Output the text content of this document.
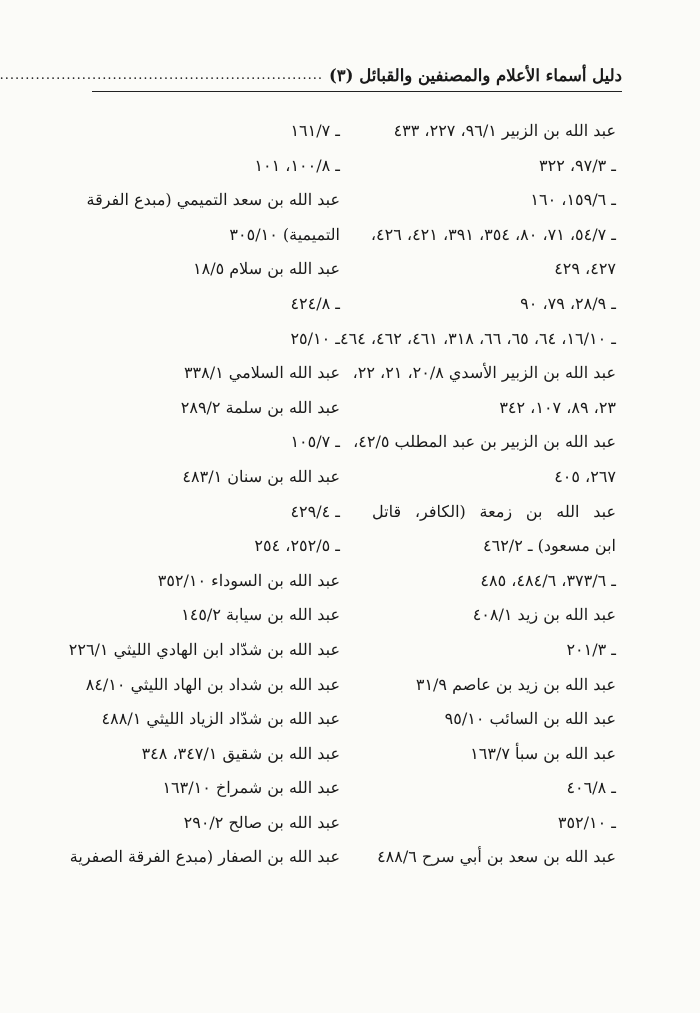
دليل أسماء الأعلام والمصنفين والقبائل (٣)
.....
عبد الله بن الزبير ٩٦/١، ٢٢٧، ٤٣٣
ـ ٩٧/٣، ٣٢٢
ـ ١٥٩/٦، ١٦٠
ـ ٥٤/٧، ٧١، ٨٠، ٣٥٤، ٣٩١، ٤٢١، ٤٢٦،
٤٢٧، ٤٢٩
ـ ٢٨/٩، ٧٩، ٩٠
ـ ١٦/١٠، ٦٤، ٦٥، ٦٦، ٣١٨، ٤٦١، ٤٦٢، ٤٦٤
عبد الله بن الزبير الأسدي ٢٠/٨، ٢١، ٢٢،
٢٣، ٨٩، ١٠٧، ٣٤٢
عبد الله بن الزبير بن عبد المطلب ٤٢/٥،
٢٦٧، ٤٠٥
عبد الله بن زمعة (الكافر، قاتل
ابن مسعود) ـ ٤٦٢/٢
ـ ٣٧٣/٦، ٤٨٤/٦، ٤٨٥
عبد الله بن زيد ٤٠٨/١
ـ ٢٠١/٣
عبد الله بن زيد بن عاصم ٣١/٩
عبد الله بن السائب ٩٥/١٠
عبد الله بن سبأ ١٦٣/٧
ـ ٤٠٦/٨
ـ ٣٥٢/١٠
عبد الله بن سعد بن أبي سرح ٤٨٨/٦
ـ ١٦١/٧
ـ ١٠٠/٨، ١٠١
عبد الله بن سعد التميمي (مبدع الفرقة
التميمية) ٣٠٥/١٠
عبد الله بن سلام ١٨/٥
ـ ٤٢٤/٨
ـ ٢٥/١٠
عبد الله السلامي ٣٣٨/١
عبد الله بن سلمة ٢٨٩/٢
ـ ١٠٥/٧
عبد الله بن سنان ٤٨٣/١
ـ ٤٢٩/٤
ـ ٢٥٢/٥، ٢٥٤
عبد الله بن السوداء ٣٥٢/١٠
عبد الله بن سيابة ١٤٥/٢
عبد الله بن شدّاد ابن الهادي الليثي ٢٢٦/١
عبد الله بن شداد بن الهاد الليثي ٨٤/١٠
عبد الله بن شدّاد الزياد الليثي ٤٨٨/١
عبد الله بن شقيق ٣٤٧/١، ٣٤٨
عبد الله بن شمراخ ١٦٣/١٠
عبد الله بن صالح ٢٩٠/٢
عبد الله بن الصفار (مبدع الفرقة الصفرية
